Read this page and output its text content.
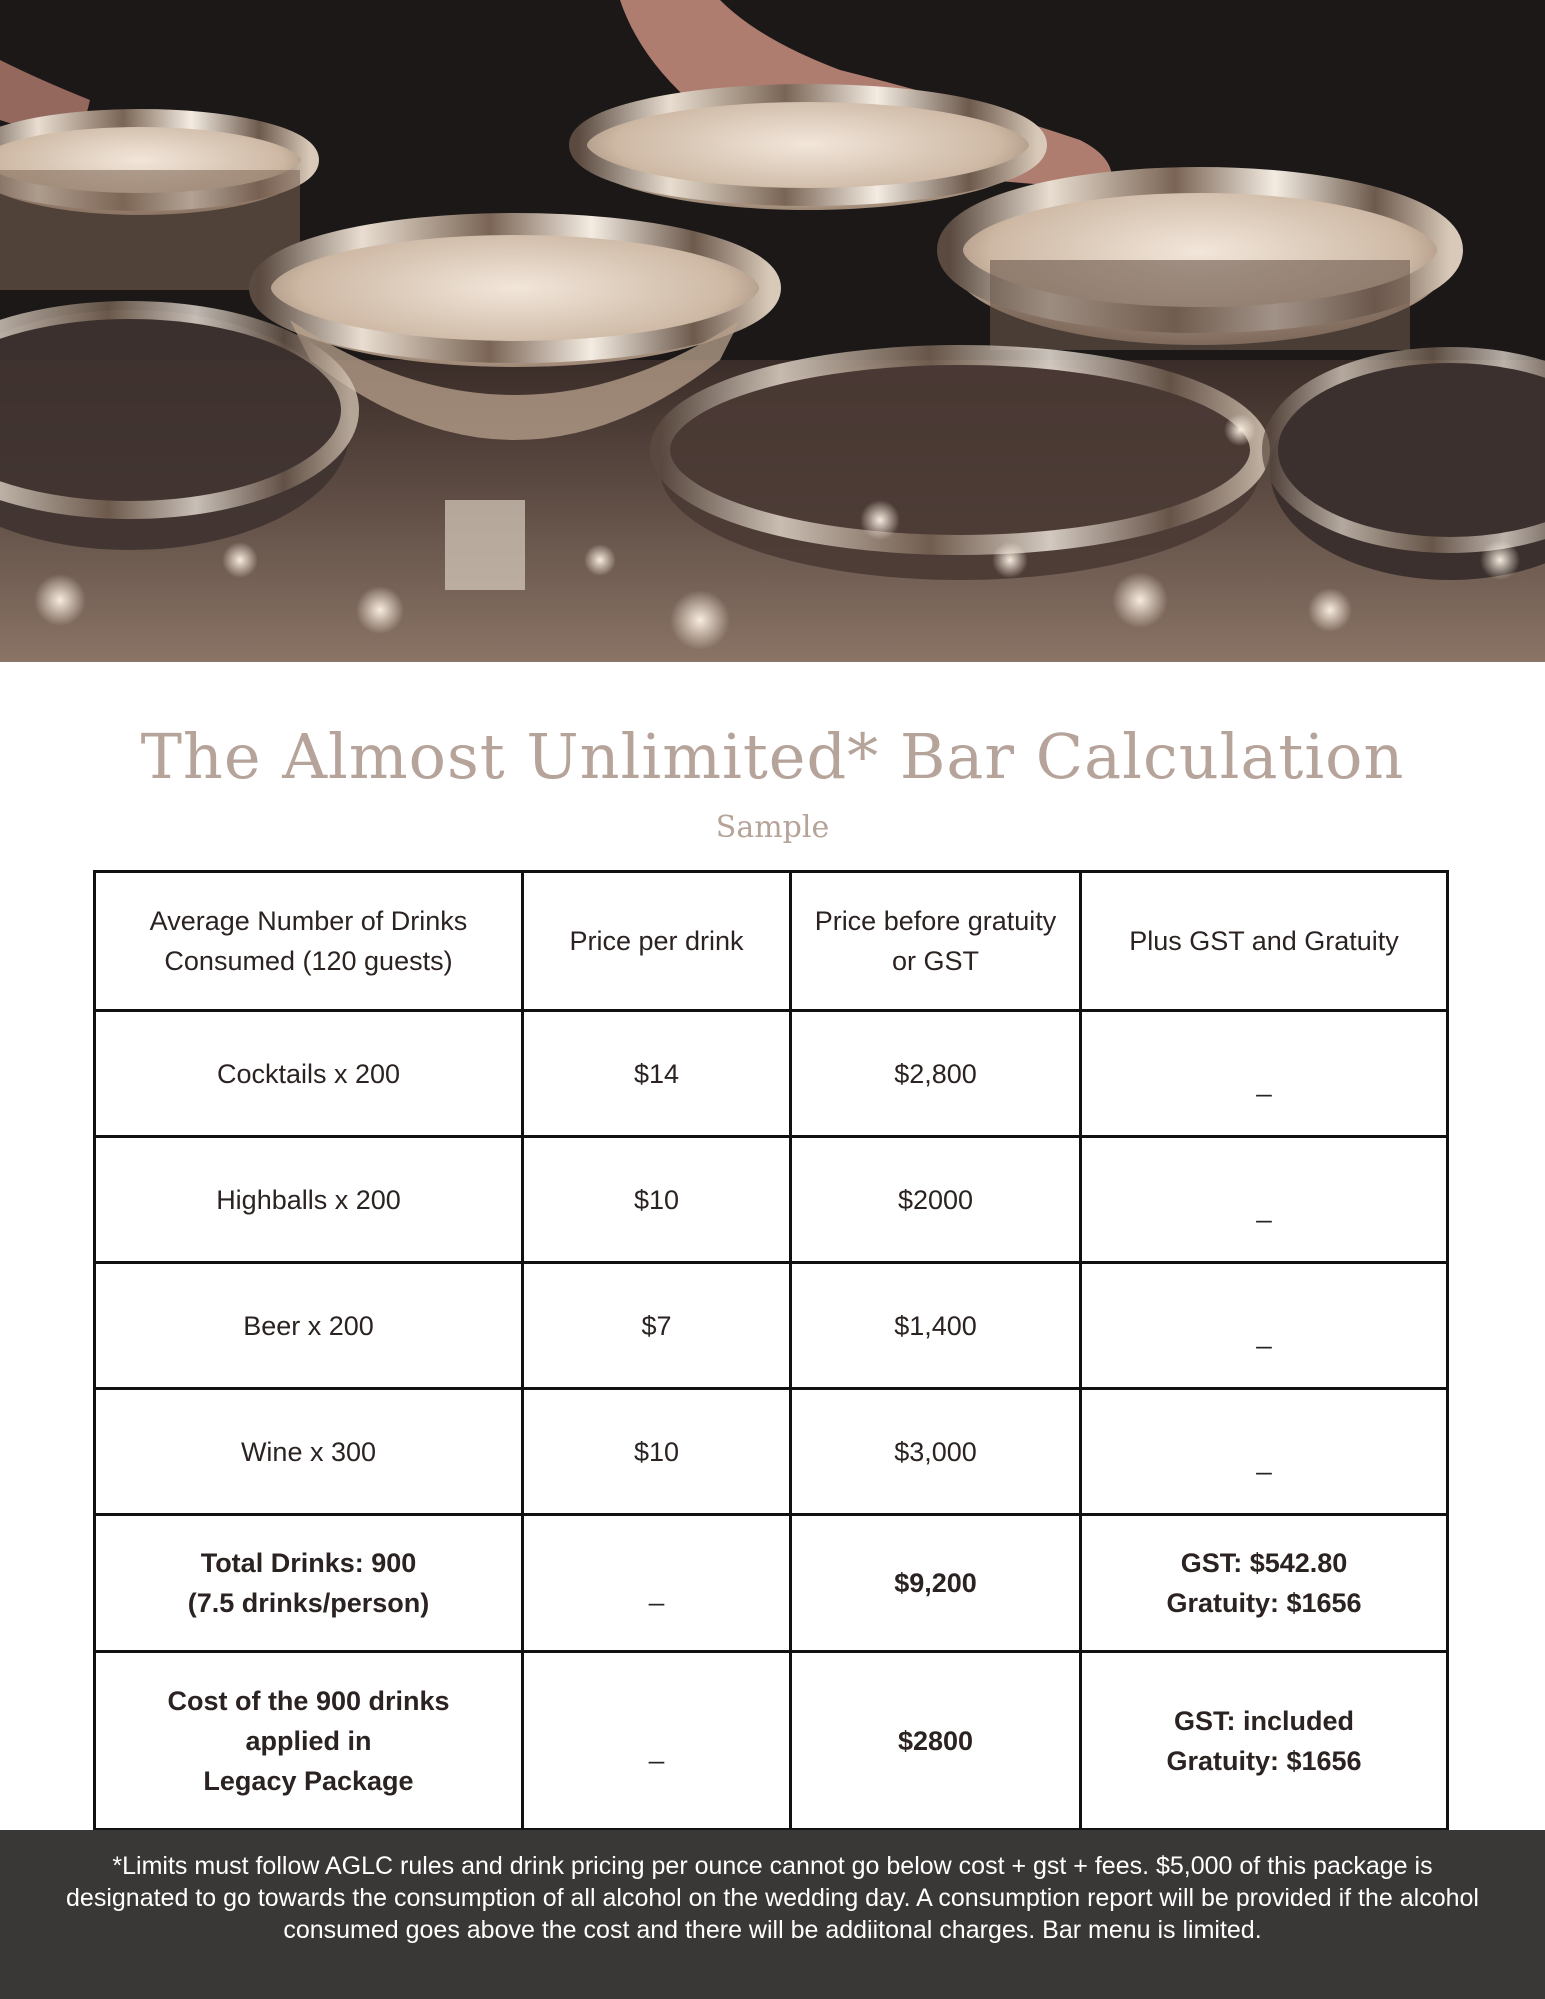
The Almost Unlimited* Bar Calculation

Sample

Average Number of Drinks Consumed (120 guests)	Price per drink	Price before gratuity or GST	Plus GST and Gratuity
Cocktails x 200	$14	$2,800	_
Highballs x 200	$10	$2000	_
Beer x 200	$7	$1,400	_
Wine x 300	$10	$3,000	_

Total Drinks: 900
(7.5 drinks/person)	_	$9,200	GST: $542.80
Gratuity: $1656

Cost of the 900 drinks
applied in
Legacy Package	_	$2800	GST: included
Gratuity: $1656
*Limits must follow AGLC rules and drink pricing per ounce cannot go below cost + gst + fees. $5,000 of this package is designated to go towards the consumption of all alcohol on the wedding day. A consumption report will be provided if the alcohol consumed goes above the cost and there will be addiitonal charges. Bar menu is limited.
